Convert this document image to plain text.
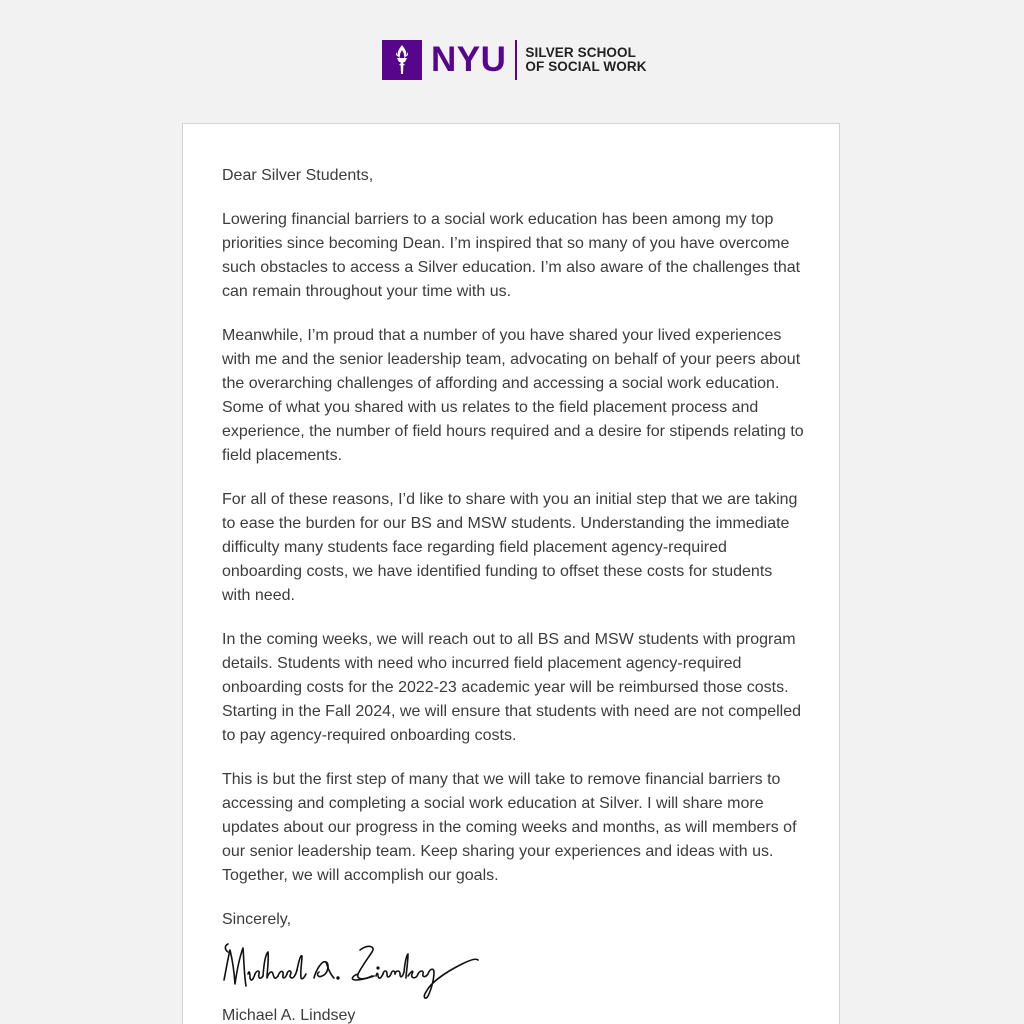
NYU SILVER SCHOOL
OF SOCIAL WORK

Dear Silver Students,

Lowering financial barriers to a social work education has been among my top priorities since becoming Dean. I’m inspired that so many of you have overcome such obstacles to access a Silver education. I’m also aware of the challenges that can remain throughout your time with us.

Meanwhile, I’m proud that a number of you have shared your lived experiences with me and the senior leadership team, advocating on behalf of your peers about the overarching challenges of affording and accessing a social work education. Some of what you shared with us relates to the field placement process and experience, the number of field hours required and a desire for stipends relating to field placements.

For all of these reasons, I’d like to share with you an initial step that we are taking to ease the burden for our BS and MSW students. Understanding the immediate difficulty many students face regarding field placement agency-required onboarding costs, we have identified funding to offset these costs for students with need.

In the coming weeks, we will reach out to all BS and MSW students with program details. Students with need who incurred field placement agency-required onboarding costs for the 2022-23 academic year will be reimbursed those costs. Starting in the Fall 2024, we will ensure that students with need are not compelled to pay agency-required onboarding costs.

This is but the first step of many that we will take to remove financial barriers to accessing and completing a social work education at Silver. I will share more updates about our progress in the coming weeks and months, as will members of our senior leadership team. Keep sharing your experiences and ideas with us. Together, we will accomplish our goals.

Sincerely,

Michael A. Lindsey
